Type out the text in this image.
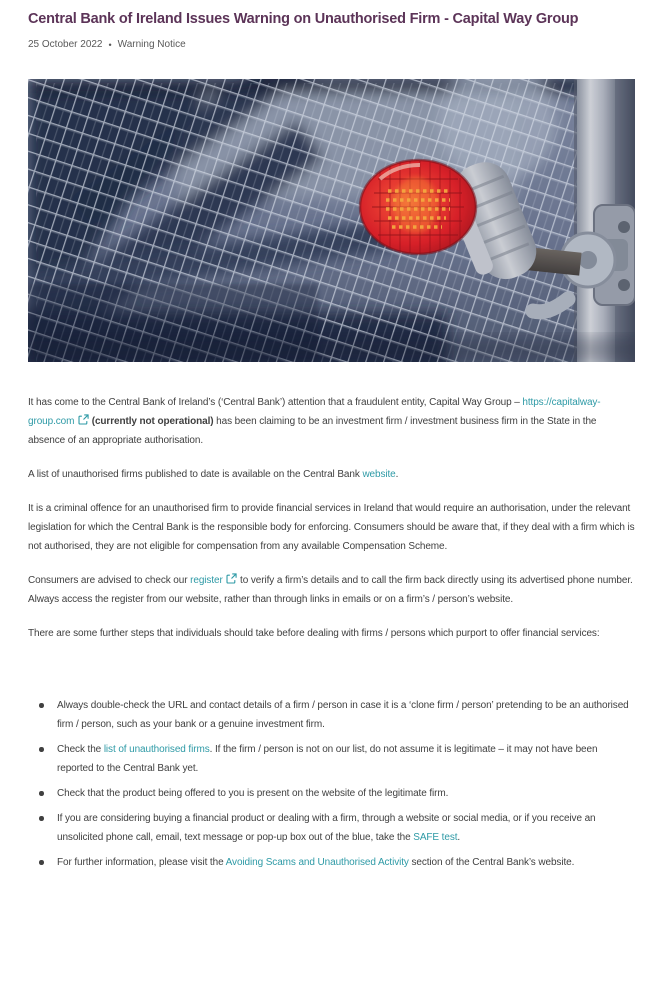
Central Bank of Ireland Issues Warning on Unauthorised Firm - Capital Way Group
25 October 2022 • Warning Notice

It has come to the Central Bank of Ireland’s (‘Central Bank’) attention that a fraudulent entity, Capital Way Group – https://capitalway-group.com (currently not operational) has been claiming to be an investment firm / investment business firm in the State in the absence of an appropriate authorisation.

A list of unauthorised firms published to date is available on the Central Bank website.

It is a criminal offence for an unauthorised firm to provide financial services in Ireland that would require an authorisation, under the relevant legislation for which the Central Bank is the responsible body for enforcing. Consumers should be aware that, if they deal with a firm which is not authorised, they are not eligible for compensation from any available Compensation Scheme.

Consumers are advised to check our register  to verify a firm’s details and to call the firm back directly using its advertised phone number. Always access the register from our website, rather than through links in emails or on a firm’s / person’s website.

There are some further steps that individuals should take before dealing with firms / persons which purport to offer financial services:

Always double-check the URL and contact details of a firm / person in case it is a ‘clone firm / person’ pretending to be an authorised firm / person, such as your bank or a genuine investment firm.
Check the list of unauthorised firms. If the firm / person is not on our list, do not assume it is legitimate – it may not have been reported to the Central Bank yet.
Check that the product being offered to you is present on the website of the legitimate firm.
If you are considering buying a financial product or dealing with a firm, through a website or social media, or if you receive an unsolicited phone call, email, text message or pop-up box out of the blue, take the SAFE test.
For further information, please visit the Avoiding Scams and Unauthorised Activity section of the Central Bank’s website.
